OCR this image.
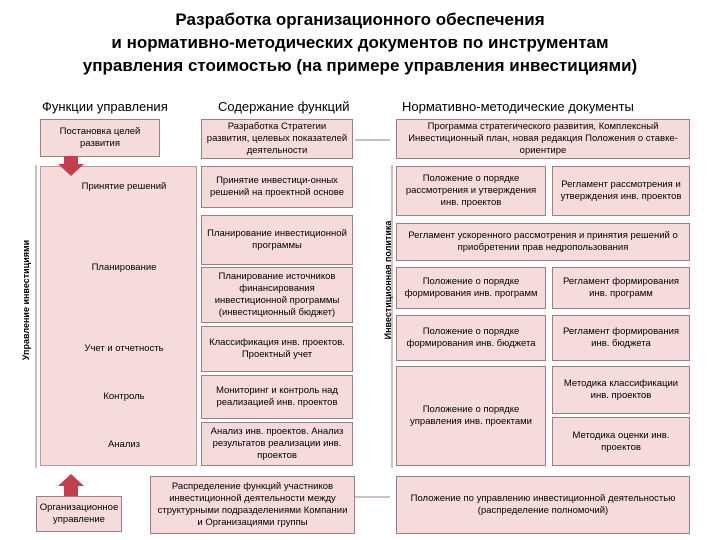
Разработка организационного обеспечения
и нормативно-методических документов по инструментам
управления стоимостью (на примере управления инвестициями)
Функции управления	Содержание функций	Нормативно-методические документы
Управление инвестициями	Инвестиционная политика
Постановка целей развития
Принятие решений
Планирование
Учет и отчетность
Контроль
Анализ
Организационное управление
Разработка Стратегии развития, целевых показателей деятельности
Принятие инвестици-онных решений на проектной основе
Планирование инвестиционной программы
Планирование источников финансирования инвестиционной программы (инвестиционный бюджет)
Классификация инв. проектов. Проектный учет
Мониторинг и контроль над реализацией инв. проектов
Анализ инв. проектов. Анализ результатов реализации инв. проектов
Распределение функций участников инвестиционной деятельности между структурными подразделениями Компании и Организациями группы
Программа стратегического развития, Комплексный Инвестиционный план, новая редакция Положения о ставке-ориентире
Положение о порядке рассмотрения и утверждения инв. проектов
Регламент рассмотрения и утверждения инв. проектов
Регламент ускоренного рассмотрения и принятия решений о приобретении прав недропользования
Положение о порядке формирования инв. программ
Регламент формирования инв. программ
Положение о порядке формирования инв. бюджета
Регламент формирования инв. бюджета
Положение о порядке управления инв. проектами
Методика классификации инв. проектов
Методика оценки инв. проектов
Положение по управлению инвестиционной деятельностью (распределение полномочий)
